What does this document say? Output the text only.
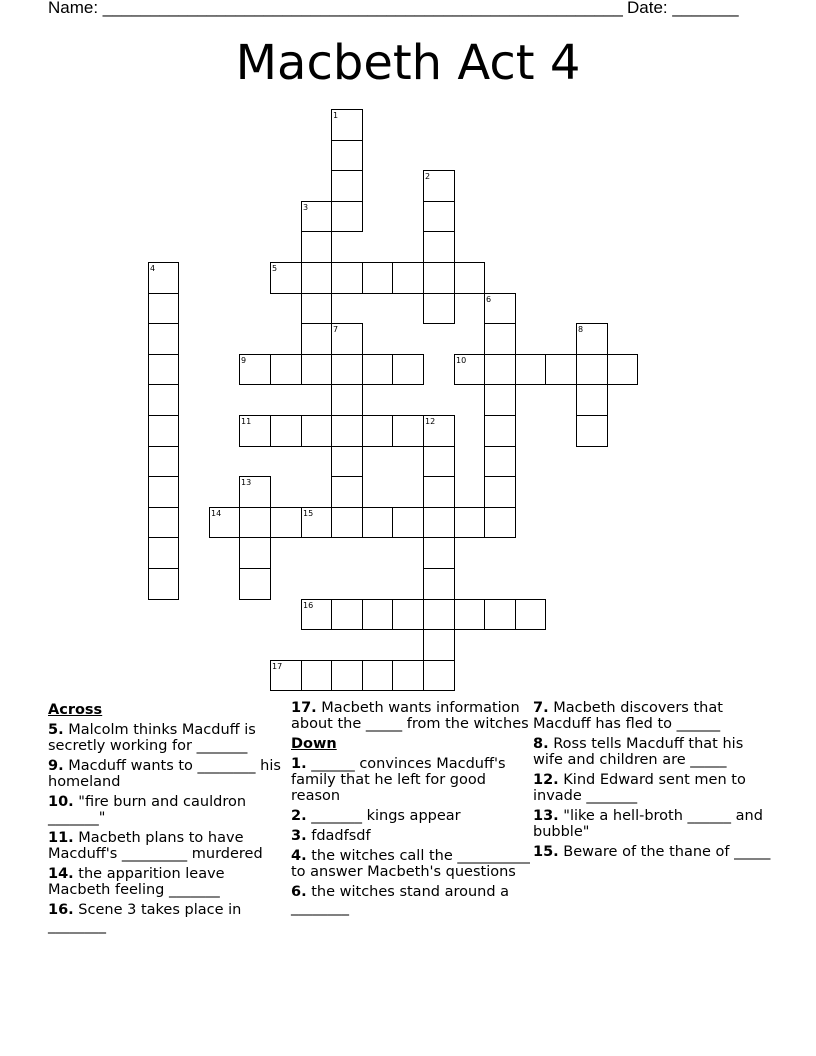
Name: _______________________________________________________ Date: _______
Macbeth Act 4
1
2
3
4	5
6
7	8
9	10
11	12
13
14	15
16
17
Across
5. Malcolm thinks Macduff is secretly working for _______
9. Macduff wants to ________ his homeland
10. "fire burn and cauldron _______"
11. Macbeth plans to have Macduff's _________ murdered
14. the apparition leave Macbeth feeling _______
16. Scene 3 takes place in ________
17. Macbeth wants information about the _____ from the witches
Down
1. ______ convinces Macduff's family that he left for good reason
2. _______ kings appear
3. fdadfsdf
4. the witches call the __________ to answer Macbeth's questions
6. the witches stand around a ________
7. Macbeth discovers that Macduff has fled to ______
8. Ross tells Macduff that his wife and children are _____
12. Kind Edward sent men to invade _______
13. "like a hell-broth ______ and bubble"
15. Beware of the thane of _____
